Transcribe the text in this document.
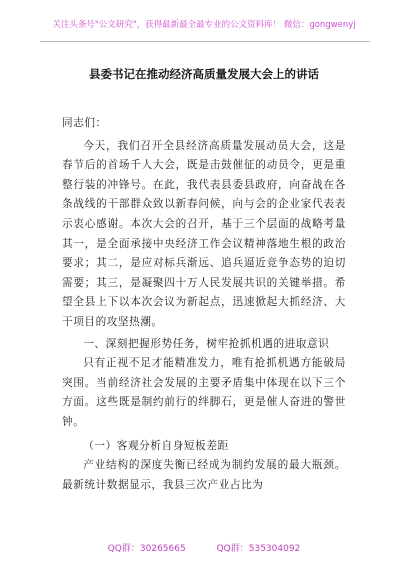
关注头条号"公文研究"，获得最新最全最专业的公文资料库！ 微信：gongwenyj
县委书记在推动经济高质量发展大会上的讲话

同志们：

今天，我们召开全县经济高质量发展动员大会，这是春节后的首场千人大会，既是击鼓催征的动员令，更是重整行装的冲锋号。在此，我代表县委县政府，向奋战在各条战线的干部群众致以新春问候，向与会的企业家代表表示衷心感谢。本次大会的召开，基于三个层面的战略考量其一，是全面承接中央经济工作会议精神落地生根的政治要求；其二，是应对标兵渐远、追兵逼近竞争态势的迫切需要；其三，是凝聚四十万人民发展共识的关键举措。希望全县上下以本次会议为新起点，迅速掀起大抓经济、大干项目的攻坚热潮。

一、深刻把握形势任务，树牢抢抓机遇的进取意识

只有正视不足才能精准发力，唯有抢抓机遇方能破局突围。当前经济社会发展的主要矛盾集中体现在以下三个方面。这些既是制约前行的绊脚石，更是催人奋进的警世钟。

（一）客观分析自身短板差距

产业结构的深度失衡已经成为制约发展的最大瓶颈。最新统计数据显示，我县三次产业占比为

QQ群：30265665	QQ群：535304092
